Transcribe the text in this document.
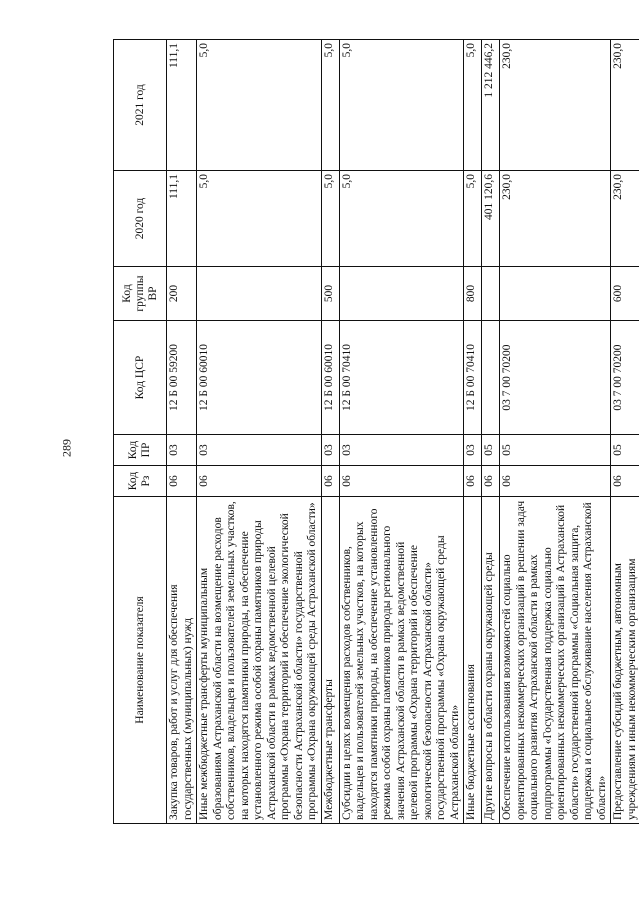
289
Наименование показателя	Код Рз	Код ПР	Код ЦСР	Код группы ВР	2020 год	2021 год
Закупка товаров, работ и услуг для обеспечения государственных (муниципальных) нужд	06	03	12 Б 00 59200	200	111,1	111,1
Иные межбюджетные трансферты муниципальным образованиям Астраханской области на возмещение расходов собственников, владельцев и пользователей земельных участков, на которых находятся памятники природы, на обеспечение установленного режима особой охраны памятников природы Астраханской области в рамках ведомственной целевой программы «Охрана территорий и обеспечение экологической безопасности Астраханской области» государственной программы «Охрана окружающей среды Астраханской области»	06	03	12 Б 00 60010		5,0	5,0
Межбюджетные трансферты	06	03	12 Б 00 60010	500	5,0	5,0
Субсидии в целях возмещения расходов собственников, владельцев и пользователей земельных участков, на которых находятся памятники природы, на обеспечение установленного режима особой охраны памятников природы регионального значения Астраханской области в рамках ведомственной целевой программы «Охрана территорий и обеспечение экологической безопасности Астраханской области» государственной программы «Охрана окружающей среды Астраханской области»	06	03	12 Б 00 70410		5,0	5,0
Иные бюджетные ассигнования	06	03	12 Б 00 70410	800	5,0	5,0
Другие вопросы в области охраны окружающей среды	06	05			401 120,6	1 212 446,2
Обеспечение использования возможностей социально ориентированных некоммерческих организаций в решении задач социального развития Астраханской области в рамках подпрограммы «Государственная поддержка социально ориентированных некоммерческих организаций в Астраханской области» государственной программы «Социальная защита, поддержка и социальное обслуживание населения Астраханской области»	06	05	03 7 00 70200		230,0	230,0
Предоставление субсидий бюджетным, автономным учреждениям и иным некоммерческим организациям	06	05	03 7 00 70200	600	230,0	230,0
